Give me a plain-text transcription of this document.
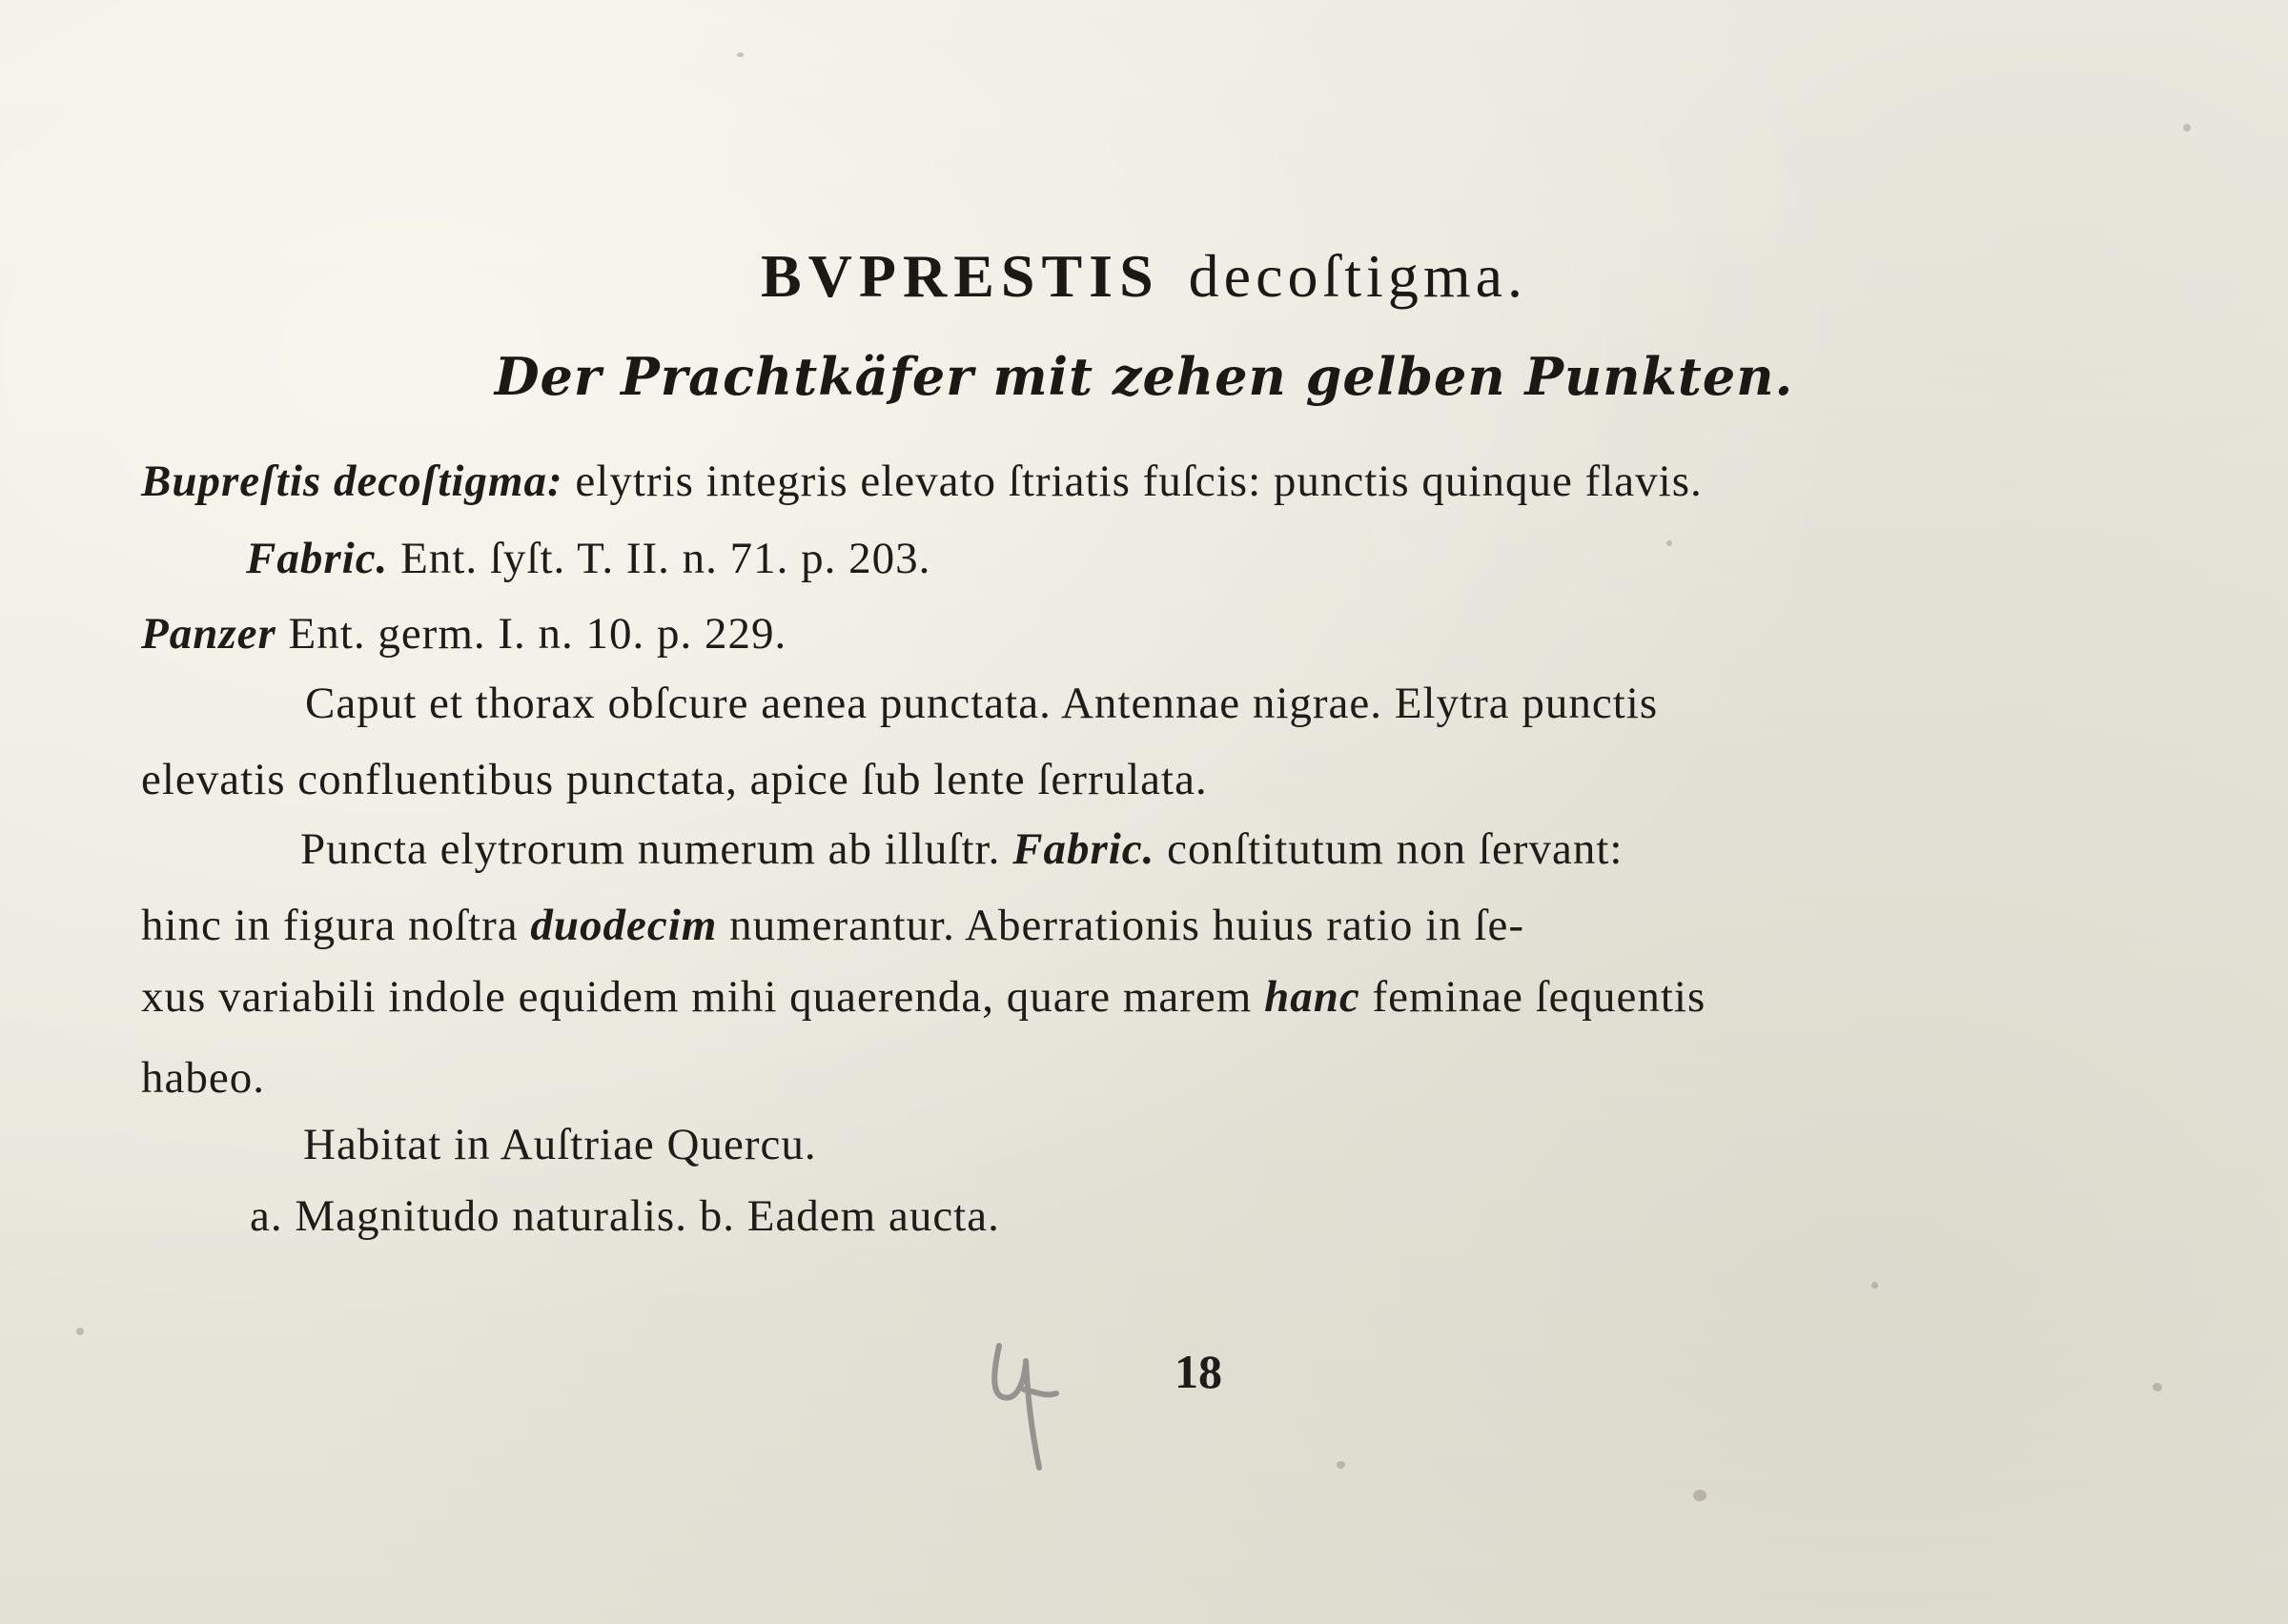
BVPRESTIS decoſtigma.
Der Prachtkäfer mit zehen gelben Punkten.
Bupreſtis decoſtigma: elytris integris elevato ſtriatis fuſcis: punctis quinque flavis.
Fabric. Ent. ſyſt. T. II. n. 71. p. 203.
Panzer Ent. germ. I. n. 10. p. 229.
Caput et thorax obſcure aenea punctata. Antennae nigrae. Elytra punctis
elevatis confluentibus punctata, apice ſub lente ſerrulata.
Puncta elytrorum numerum ab illuſtr. Fabric. conſtitutum non ſervant:
hinc in figura noſtra duodecim numerantur. Aberrationis huius ratio in ſe-
xus variabili indole equidem mihi quaerenda, quare marem hanc feminae ſequentis
habeo.
Habitat in Auſtriae Quercu.
a. Magnitudo naturalis. b. Eadem aucta.
18
